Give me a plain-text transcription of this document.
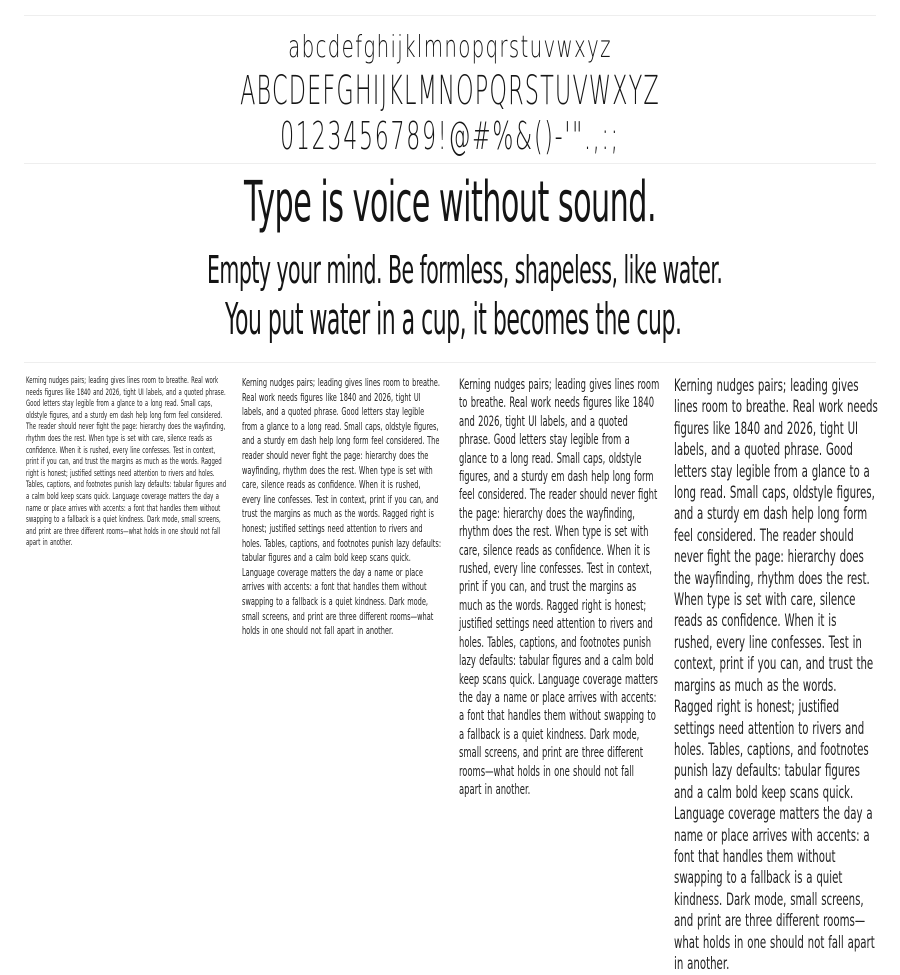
abcdefghijklmnopqrstuvwxyz
ABCDEFGHIJKLMNOPQRSTUVWXYZ
0123456789!@#%&()-'".,:;
Type is voice without sound.
Empty your mind. Be formless, shapeless, like water.
You put water in a cup, it becomes the cup.

Kerning nudges pairs; leading gives lines room to breathe. Real work needs figures like 1840 and 2026, tight UI labels, and a quoted phrase. Good letters stay legible from a glance to a long read. Small caps, oldstyle figures, and a sturdy em dash help long form feel considered. The reader should never fight the page: hierarchy does the wayfinding, rhythm does the rest. When type is set with care, silence reads as confidence. When it is rushed, every line confesses. Test in context, print if you can, and trust the margins as much as the words. Ragged right is honest; justified settings need attention to rivers and holes. Tables, captions, and footnotes punish lazy defaults: tabular figures and a calm bold keep scans quick. Language coverage matters the day a name or place arrives with accents: a font that handles them without swapping to a fallback is a quiet kindness. Dark mode, small screens, and print are three different rooms—what holds in one should not fall apart in another.

Kerning nudges pairs; leading gives lines room to breathe. Real work needs figures like 1840 and 2026, tight UI labels, and a quoted phrase. Good letters stay legible from a glance to a long read. Small caps, oldstyle figures, and a sturdy em dash help long form feel considered. The reader should never fight the page: hierarchy does the wayfinding, rhythm does the rest. When type is set with care, silence reads as confidence. When it is rushed, every line confesses. Test in context, print if you can, and trust the margins as much as the words. Ragged right is honest; justified settings need attention to rivers and holes. Tables, captions, and footnotes punish lazy defaults: tabular figures and a calm bold keep scans quick. Language coverage matters the day a name or place arrives with accents: a font that handles them without swapping to a fallback is a quiet kindness. Dark mode, small screens, and print are three different rooms—what holds in one should not fall apart in another.

Kerning nudges pairs; leading gives lines room to breathe. Real work needs figures like 1840 and 2026, tight UI labels, and a quoted phrase. Good letters stay legible from a glance to a long read. Small caps, oldstyle figures, and a sturdy em dash help long form feel considered. The reader should never fight the page: hierarchy does the wayfinding, rhythm does the rest. When type is set with care, silence reads as confidence. When it is rushed, every line confesses. Test in context, print if you can, and trust the margins as much as the words. Ragged right is honest; justified settings need attention to rivers and holes. Tables, captions, and footnotes punish lazy defaults: tabular figures and a calm bold keep scans quick. Language coverage matters the day a name or place arrives with accents: a font that handles them without swapping to a fallback is a quiet kindness. Dark mode, small screens, and print are three different rooms—what holds in one should not fall apart in another.

Kerning nudges pairs; leading gives lines room to breathe. Real work needs figures like 1840 and 2026, tight UI labels, and a quoted phrase. Good letters stay legible from a glance to a long read. Small caps, oldstyle figures, and a sturdy em dash help long form feel considered. The reader should never fight the page: hierarchy does the wayfinding, rhythm does the rest. When type is set with care, silence reads as confidence. When it is rushed, every line confesses. Test in context, print if you can, and trust the margins as much as the words. Ragged right is honest; justified settings need attention to rivers and holes. Tables, captions, and footnotes punish lazy defaults: tabular figures and a calm bold keep scans quick. Language coverage matters the day a name or place arrives with accents: a font that handles them without swapping to a fallback is a quiet kindness. Dark mode, small screens, and print are three different rooms—what holds in one should not fall apart in another.
